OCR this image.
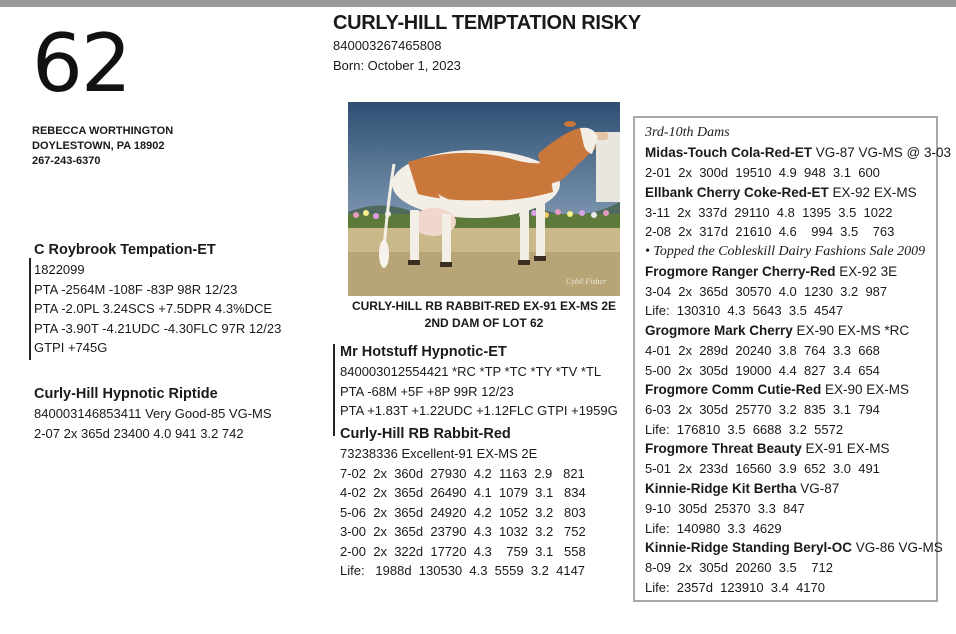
62
REBECCA WORTHINGTON
DOYLESTOWN, PA 18902
267-243-6370
CURLY-HILL TEMPTATION RISKY
840003267465808
Born: October 1, 2023
Cybil Fisher
CURLY-HILL RB RABBIT-RED EX-91 EX-MS 2E
2ND DAM OF LOT 62
C Roybrook Tempation-ET
1822099
PTA -2564M -108F -83P 98R 12/23
PTA -2.0PL 3.24SCS +7.5DPR 4.3%DCE
PTA -3.90T -4.21UDC -4.30FLC 97R 12/23
GTPI +745G
Curly-Hill Hypnotic Riptide
840003146853411 Very Good-85 VG-MS
2-07 2x 365d 23400 4.0 941 3.2 742
Mr Hotstuff Hypnotic-ET
840003012554421 *RC *TP *TC *TY *TV *TL
PTA -68M +5F +8P 99R 12/23
PTA +1.83T +1.22UDC +1.12FLC GTPI +1959G
Curly-Hill RB Rabbit-Red
73238336 Excellent-91 EX-MS 2E
7-02  2x  360d  27930  4.2  1163  2.9   821
4-02  2x  365d  26490  4.1  1079  3.1   834
5-06  2x  365d  24920  4.2  1052  3.2   803
3-00  2x  365d  23790  4.3  1032  3.2   752
2-00  2x  322d  17720  4.3    759  3.1   558
Life:   1988d  130530  4.3  5559  3.2  4147
3rd-10th Dams
Midas-Touch Cola-Red-ET VG-87 VG-MS @ 3-03
2-01  2x  300d  19510  4.9  948  3.1  600
Ellbank Cherry Coke-Red-ET EX-92 EX-MS
3-11  2x  337d  29110  4.8  1395  3.5  1022
2-08  2x  317d  21610  4.6    994  3.5    763
• Topped the Cobleskill Dairy Fashions Sale 2009
Frogmore Ranger Cherry-Red EX-92 3E
3-04  2x  365d  30570  4.0  1230  3.2  987
Life:  130310  4.3  5643  3.5  4547
Grogmore Mark Cherry EX-90 EX-MS *RC
4-01  2x  289d  20240  3.8  764  3.3  668
5-00  2x  305d  19000  4.4  827  3.4  654
Frogmore Comm Cutie-Red EX-90 EX-MS
6-03  2x  305d  25770  3.2  835  3.1  794
Life:  176810  3.5  6688  3.2  5572
Frogmore Threat Beauty EX-91 EX-MS
5-01  2x  233d  16560  3.9  652  3.0  491
Kinnie-Ridge Kit Bertha VG-87
9-10  305d  25370  3.3  847
Life:  140980  3.3  4629
Kinnie-Ridge Standing Beryl-OC VG-86 VG-MS
8-09  2x  305d  20260  3.5    712
Life:  2357d  123910  3.4  4170
